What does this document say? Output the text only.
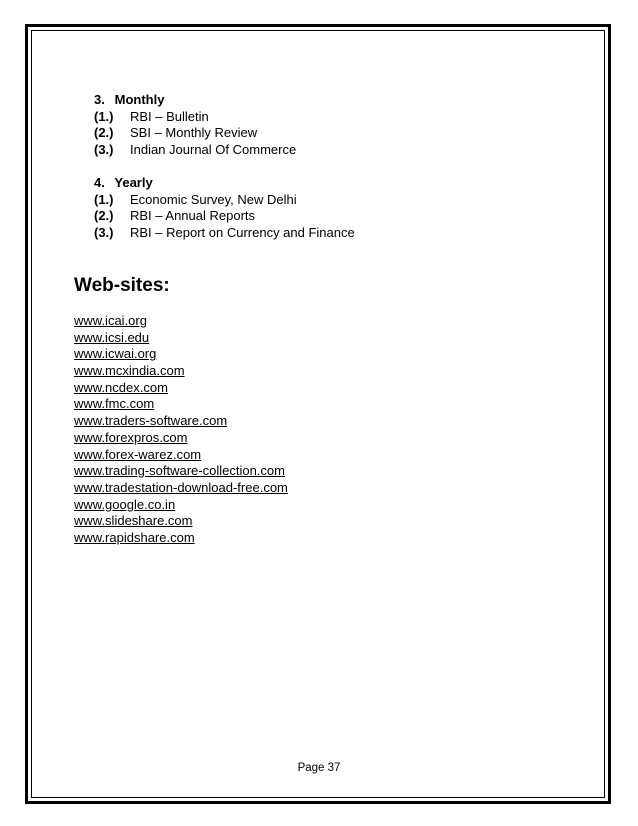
3. Monthly
(1.) RBI – Bulletin
(2.) SBI – Monthly Review
(3.) Indian Journal Of Commerce
4. Yearly
(1.) Economic Survey, New Delhi
(2.) RBI – Annual Reports
(3.) RBI – Report on Currency and Finance
Web-sites:
www.icai.org
www.icsi.edu
www.icwai.org
www.mcxindia.com
www.ncdex.com
www.fmc.com
www.traders-software.com
www.forexpros.com
www.forex-warez.com
www.trading-software-collection.com
www.tradestation-download-free.com
www.google.co.in
www.slideshare.com
www.rapidshare.com
Page 37
